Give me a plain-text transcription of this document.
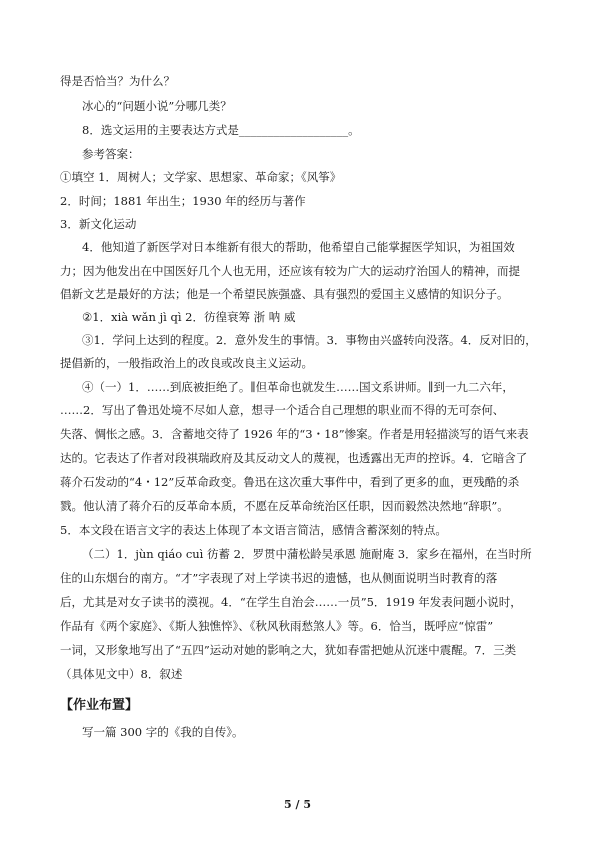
得是否恰当？为什么？
冰心的“问题小说”分哪几类？
8．选文运用的主要表达方式是___________________。
参考答案：
①填空 1．周树人；文学家、思想家、革命家；《风筝》
2．时间；1881 年出生；1930 年的经历与著作
3．新文化运动
4．他知道了新医学对日本维新有很大的帮助，他希望自己能掌握医学知识，为祖国效
力；因为他发出在中国医好几个人也无用，还应该有较为广大的运动疗治国人的精神，而提
倡新文艺是最好的方法；他是一个希望民族强盛、具有强烈的爱国主义感情的知识分子。
②1．xià wǎn jì qì 2．彷徨衰筹 浙 呐 威
③1．学问上达到的程度。2．意外发生的事情。3．事物由兴盛转向没落。4．反对旧的，
提倡新的，一般指政治上的改良或改良主义运动。
④（一）1．……到底被拒绝了。∥但革命也就发生……国文系讲师。∥到一九二六年，
……2．写出了鲁迅处境不尽如人意，想寻一个适合自己理想的职业而不得的无可奈何、
失落、惆怅之感。3．含蓄地交待了 1926 年的“3・18”惨案。作者是用轻描淡写的语气来表
达的。它表达了作者对段祺瑞政府及其反动文人的蔑视，也透露出无声的控诉。4．它暗含了
蒋介石发动的“4・12”反革命政变。鲁迅在这次重大事件中，看到了更多的血，更残酷的杀
戮。他认清了蒋介石的反革命本质，不愿在反革命统治区任职，因而毅然决然地“辞职”。
5．本文段在语言文字的表达上体现了本文语言简洁，感情含蓄深刻的特点。
（二）1．jùn qiáo cuì 彷蓄 2．罗贯中蒲松龄吴承恩 施耐庵 3．家乡在福州，在当时所
住的山东烟台的南方。“才”字表现了对上学读书迟的遗憾，也从侧面说明当时教育的落
后，尤其是对女子读书的漠视。4．“在学生自治会……一员”5．1919 年发表问题小说时，
作品有《两个家庭》、《斯人独憔悴》、《秋风秋雨愁煞人》等。6．恰当，既呼应“惊雷”
一词，又形象地写出了“五四”运动对她的影响之大，犹如春雷把她从沉迷中震醒。7．三类
（具体见文中）8．叙述
【作业布置】
写一篇 300 字的《我的自传》。
5 / 5
